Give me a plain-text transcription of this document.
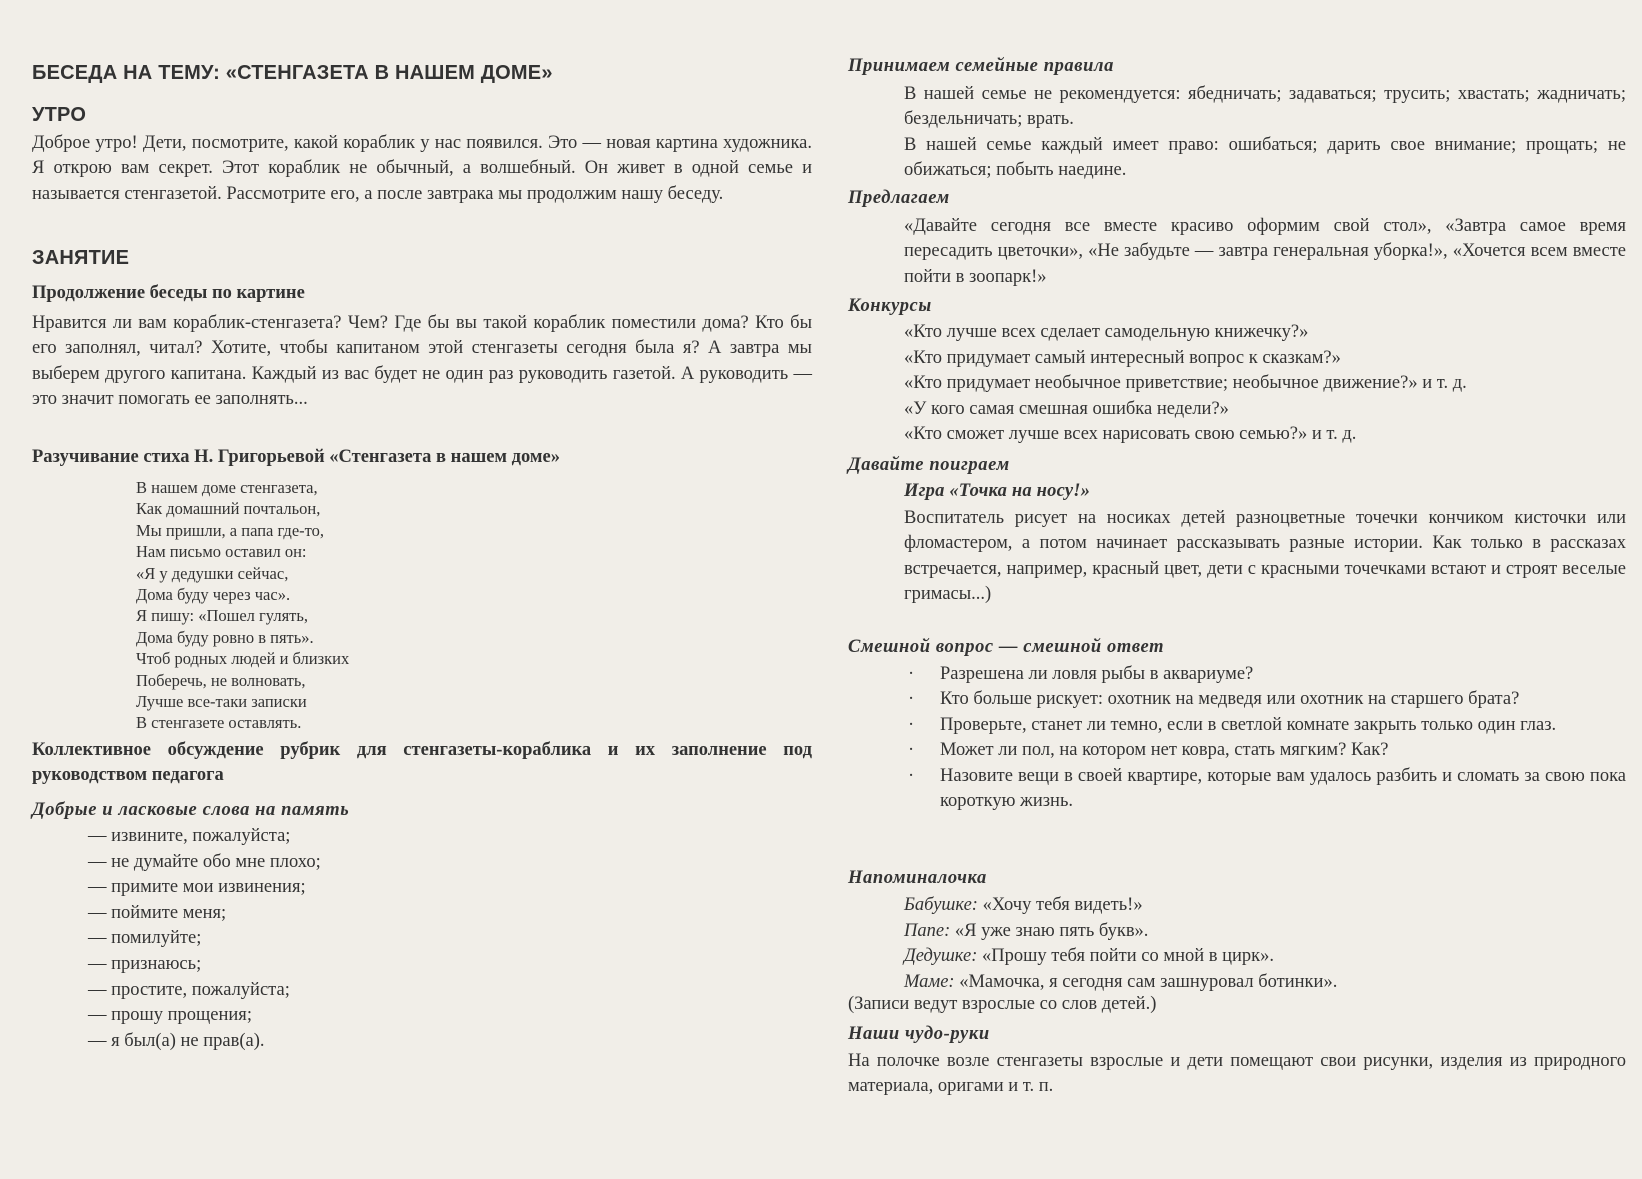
БЕСЕДА НА ТЕМУ: «СТЕНГАЗЕТА В НАШЕМ ДОМЕ»
УТРО
Доброе утро! Дети, посмотрите, какой кораблик у нас появился. Это — новая картина художника. Я открою вам секрет. Этот кораблик не обычный, а волшебный. Он живет в одной семье и называется стенгазетой. Рассмотрите его, а после завтрака мы продолжим нашу беседу.
ЗАНЯТИЕ
Продолжение беседы по картине
Нравится ли вам кораблик-стенгазета? Чем? Где бы вы такой кораблик поместили дома? Кто бы его заполнял, читал? Хотите, чтобы капитаном этой стенгазеты сегодня была я? А завтра мы выберем другого капитана. Каждый из вас будет не один раз руководить газетой. А руководить — это значит помогать ее заполнять...
Разучивание стиха Н. Григорьевой «Стенгазета в нашем доме»
В нашем доме стенгазета,
Как домашний почтальон,
Мы пришли, а папа где-то,
Нам письмо оставил он:
«Я у дедушки сейчас,
Дома буду через час».
Я пишу: «Пошел гулять,
Дома буду ровно в пять».
Чтоб родных людей и близких
Поберечь, не волновать,
Лучше все-таки записки
В стенгазете оставлять.
Коллективное обсуждение рубрик для стенгазеты-кораблика и их заполнение под руководством педагога
Добрые и ласковые слова на память
— извините, пожалуйста;
— не думайте обо мне плохо;
— примите мои извинения;
— поймите меня;
— помилуйте;
— признаюсь;
— простите, пожалуйста;
— прошу прощения;
— я был(а) не прав(а).
Принимаем семейные правила
В нашей семье не рекомендуется: ябедничать; задаваться; трусить; хвастать; жадничать; бездельничать; врать.
В нашей семье каждый имеет право: ошибаться; дарить свое внимание; прощать; не обижаться; побыть наедине.
Предлагаем
«Давайте сегодня все вместе красиво оформим свой стол», «Завтра самое время пересадить цветочки», «Не забудьте — завтра генеральная уборка!», «Хочется всем вместе пойти в зоопарк!»
Конкурсы
«Кто лучше всех сделает самодельную книжечку?»
«Кто придумает самый интересный вопрос к сказкам?»
«Кто придумает необычное приветствие; необычное движение?» и т. д.
«У кого самая смешная ошибка недели?»
«Кто сможет лучше всех нарисовать свою семью?» и т. д.
Давайте поиграем
Игра «Точка на носу!»
Воспитатель рисует на носиках детей разноцветные точечки кончиком кисточки или фломастером, а потом начинает рассказывать разные истории. Как только в рассказах встречается, например, красный цвет, дети с красными точечками встают и строят веселые гримасы...)
Смешной вопрос — смешной ответ
· Разрешена ли ловля рыбы в аквариуме?
· Кто больше рискует: охотник на медведя или охотник на старшего брата?
· Проверьте, станет ли темно, если в светлой комнате закрыть только один глаз.
· Может ли пол, на котором нет ковра, стать мягким? Как?
· Назовите вещи в своей квартире, которые вам удалось разбить и сломать за свою пока короткую жизнь.
Напоминалочка
Бабушке: «Хочу тебя видеть!»
Папе: «Я уже знаю пять букв».
Дедушке: «Прошу тебя пойти со мной в цирк».
Маме: «Мамочка, я сегодня сам зашнуровал ботинки».
(Записи ведут взрослые со слов детей.)
Наши чудо-руки
На полочке возле стенгазеты взрослые и дети помещают свои рисунки, изделия из природного материала, оригами и т. п.
